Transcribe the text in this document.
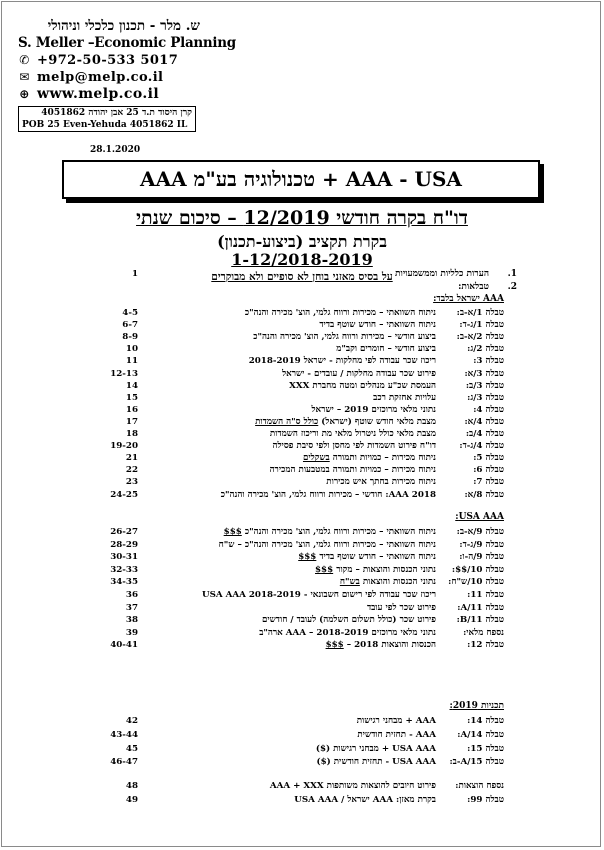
ש. מלר - תכנון כלכלי וניהולי
S. Meller –Economic Planning
✆ +972-50-533 5017
✉ melp@melp.co.il
⊕ www.melp.co.il
קרן היסוד ת.ד 25 אבן יהודה 4051862
POB 25 Even-Yehuda 4051862 IL
28.1.2020
AAA טכנולוגיה בע"מ + AAA - USA
דו"ח בקרה חודשי 12/2019 – סיכום שנתי
בקרת תקציב (ביצוע-תכנון)
1-12/2018-2019
על בסיס מאזני בוחן לא סופיים ולא מבוקרים	1.
הערות כלליות וממשמעויות
1
2.
טבלאות:
AAA ישראל בלבד:
USA AAA:
תכניות 2019:
טבלה 1/א-ב:
ניתוח השוואתי – מכירות ורווח גלמי, הוצ' מכירה והנה"כ
4-5
טבלה 1/ג-ד:
ניתוח השוואתי – חודש שוטף בדיד
6-7
טבלה 2/א-ב:
ביצוע חודשי – מכירות ורווח גלמי, הוצ' מכירה והנה"כ
8-9
טבלה 2/ג:
ביצוע חודשי – חומרים וקב"מ
10
טבלה 3:
ריכוז שכר עבודה לפי מחלקות - ישראל 2018-2019
11
טבלה 3/א:
פירוט שכר עבודה מחלקות / עובדים - ישראל
12-13
טבלה 3/ב:
העמסת שכ"ע מנהלים ומטה מחברת XXX
14
טבלה 3/ג:
עלויות אחזקת רכב
15
טבלה 4:
נתוני מלאי מרוכזים 2019 – ישראל
16
טבלה 4/א:
מצבת מלאי חודש שוטף (ישראל) כולל ס"ה השמדות
17
טבלה 4/ב:
מצבת מלאי כולל ניטרול מלאי מת וריכוז השמדות
18
טבלה 4/ג-ד:
דו"ח פירוט השמדות לפי מחסן ולפי סיבת פסילה
19-20
טבלה 5:
ניתוח מכירות – כמויות ותמורה בשקלים
21
טבלה 6:
ניתוח מכירות – כמויות ותמורה במטבעות המכירה
22
טבלה 7:
ניתוח מכירות בחתך איש מכירות
23
טבלה 8/א:
AAA 2018: חודשי – מכירות ורווח גלמי, הוצ' מכירה והנה"כ
24-25
טבלה 9/א-ב:
ניתוח השוואתי – מכירות ורווח גלמי, הוצ' מכירה והנה"כ $$$
26-27
טבלה 9/ג-ד:
ניתוח השוואתי – מכירות ורווח גלמי, הוצ' מכירה והנה"כ – ש"ח
28-29
טבלה 9/ה-ו:
ניתוח השוואתי – חודש שוטף בדיד $$$
30-31
טבלה 10/$$:
נתוני הכנסות והוצאות – מקור $$$
32-33
טבלה 10/ש"ח:
נתוני הכנסות והוצאות בש"ח
34-35
טבלה 11:
ריכוז שכר עבודה לפי רישום חשבונאי - USA AAA 2018-2019
36
טבלה A/11:
פירוט שכר לפי עובד
37
טבלה B/11:
פירוט שכר (כולל תשלום השלמה) לעובד / חודשים
38
נספח מלאי:
נתוני מלאי מרוכזים 2018-2019 – AAA ארה"ב
39
טבלה 12:
הכנסות והוצאות 2018 – $$$
40-41
טבלה 14:
AAA + מבחני רגישות
42
טבלה A/14:
AAA - תחזית חודשית
43-44
טבלה 15:
USA AAA + מבחני רגישות ($)
45
טבלה A/15-ב:
USA AAA - תחזית חודשית ($)
46-47
נספח הוצאות:
פירוט חיובים להוצאות משותפות AAA + XXX
48
טבלה 99:
בקרת מאזן: AAA ישראל / USA AAA
49
